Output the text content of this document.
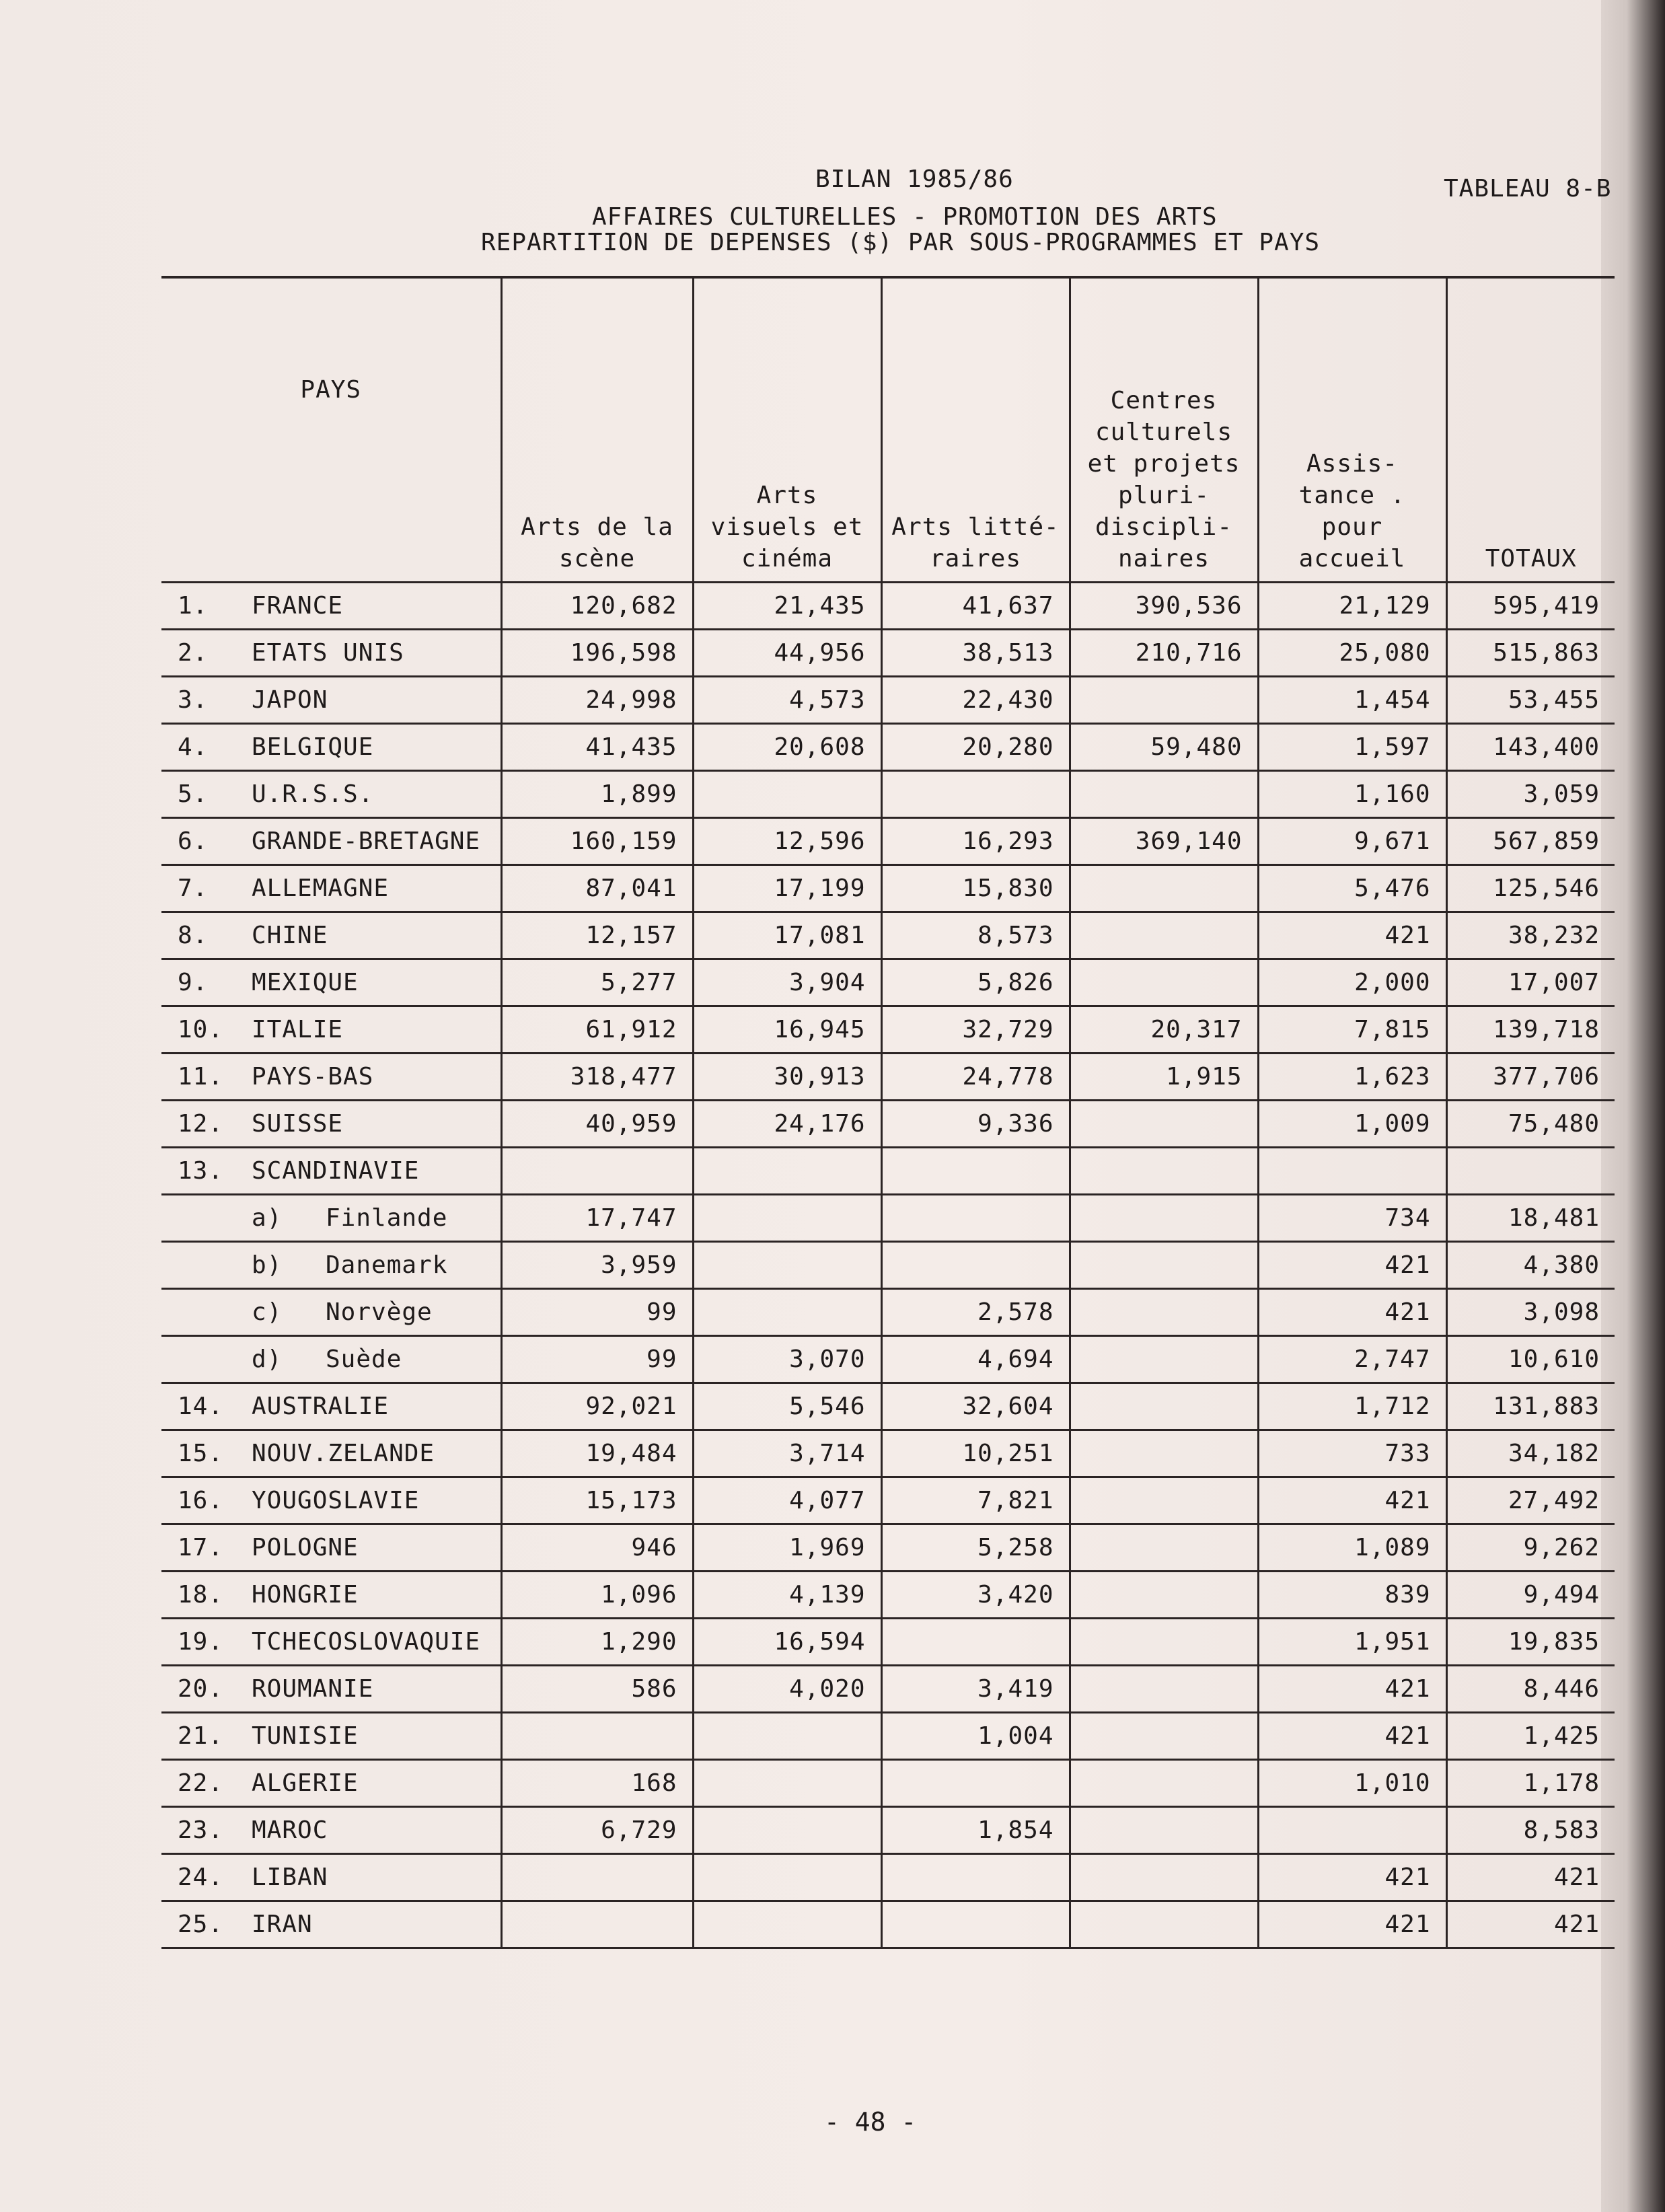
BILAN 1985/86
AFFAIRES CULTURELLES - PROMOTION DES ARTS
REPARTITION DE DEPENSES ($) PAR SOUS-PROGRAMMES ET PAYS
TABLEAU 8-B
PAYS	Arts de la scène	Arts visuels et cinéma	Arts litté- raires	Centres culturels et projets pluri- discipli- naires	Assis- tance . pour accueil	TOTAUX
1. FRANCE	120,682	21,435	41,637	390,536	21,129	595,419
2. ETATS UNIS	196,598	44,956	38,513	210,716	25,080	515,863
3. JAPON	24,998	4,573	22,430		1,454	53,455
4. BELGIQUE	41,435	20,608	20,280	59,480	1,597	143,400
5. U.R.S.S.	1,899				1,160	3,059
6. GRANDE-BRETAGNE	160,159	12,596	16,293	369,140	9,671	567,859
7. ALLEMAGNE	87,041	17,199	15,830		5,476	125,546
8. CHINE	12,157	17,081	8,573		421	38,232
9. MEXIQUE	5,277	3,904	5,826		2,000	17,007
10. ITALIE	61,912	16,945	32,729	20,317	7,815	139,718
11. PAYS-BAS	318,477	30,913	24,778	1,915	1,623	377,706
12. SUISSE	40,959	24,176	9,336		1,009	75,480
13. SCANDINAVIE						
a) Finlande	17,747				734	18,481
b) Danemark	3,959				421	4,380
c) Norvège	99		2,578		421	3,098
d) Suède	99	3,070	4,694		2,747	10,610
14. AUSTRALIE	92,021	5,546	32,604		1,712	131,883
15. NOUV.ZELANDE	19,484	3,714	10,251		733	34,182
16. YOUGOSLAVIE	15,173	4,077	7,821		421	27,492
17. POLOGNE	946	1,969	5,258		1,089	9,262
18. HONGRIE	1,096	4,139	3,420		839	9,494
19. TCHECOSLOVAQUIE	1,290	16,594			1,951	19,835
20. ROUMANIE	586	4,020	3,419		421	8,446
21. TUNISIE			1,004		421	1,425
22. ALGERIE	168				1,010	1,178
23. MAROC	6,729		1,854			8,583
24. LIBAN					421	421
25. IRAN					421	421
- 48 -
